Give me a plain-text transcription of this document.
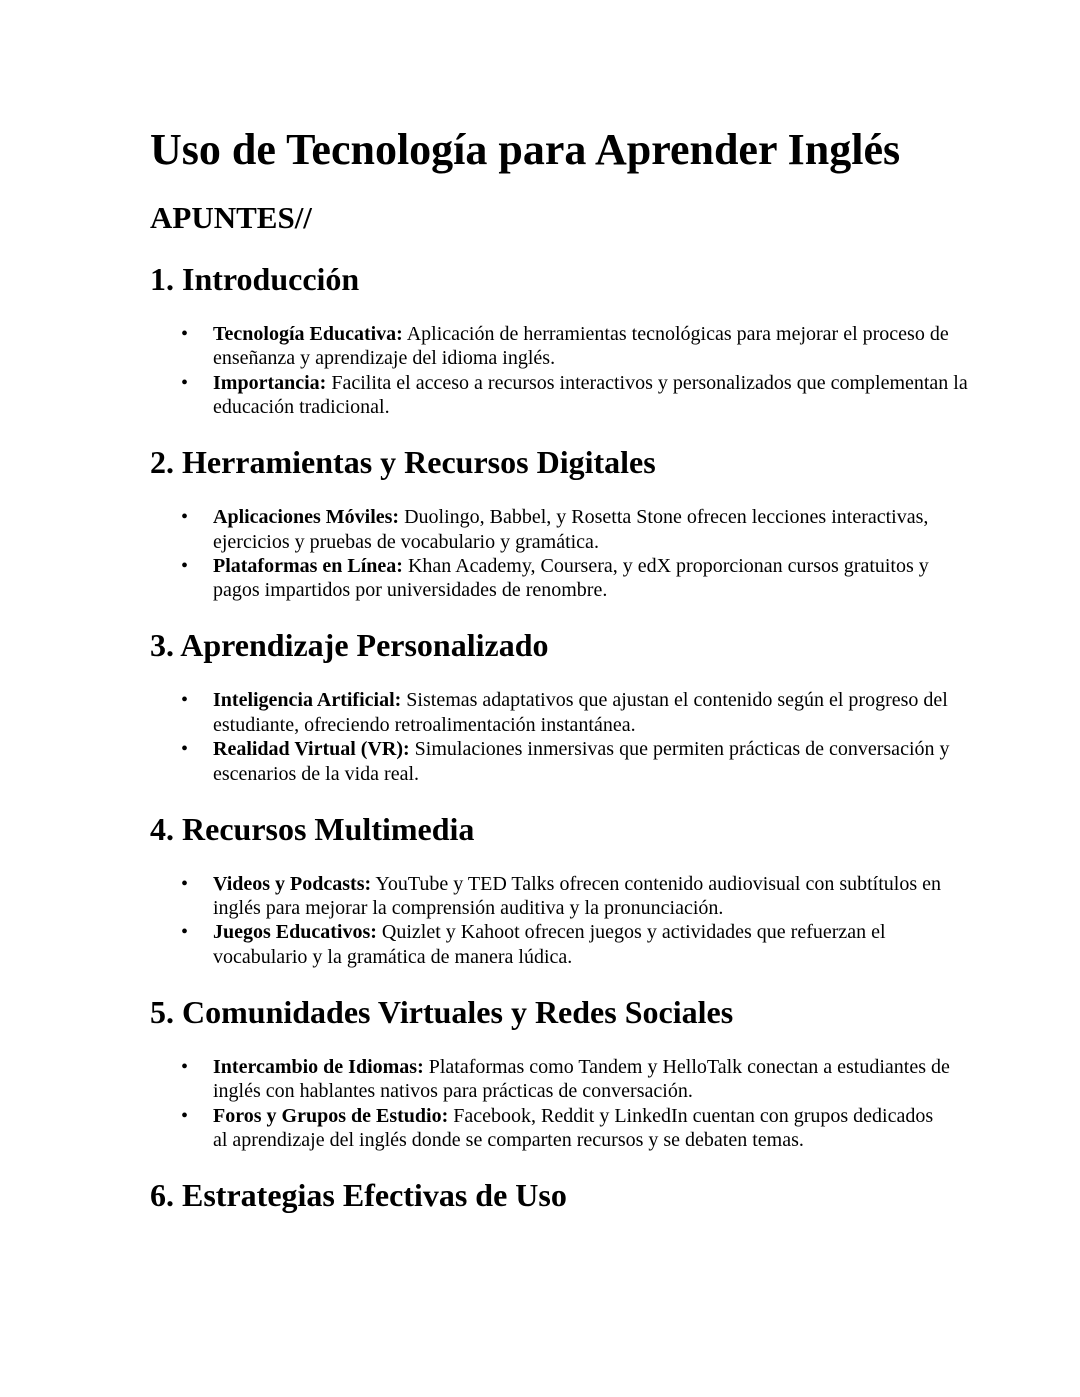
Uso de Tecnología para Aprender Inglés
APUNTES//
1. Introducción
• Tecnología Educativa: Aplicación de herramientas tecnológicas para mejorar el proceso de enseñanza y aprendizaje del idioma inglés.
• Importancia: Facilita el acceso a recursos interactivos y personalizados que complementan la educación tradicional.
2. Herramientas y Recursos Digitales
• Aplicaciones Móviles: Duolingo, Babbel, y Rosetta Stone ofrecen lecciones interactivas, ejercicios y pruebas de vocabulario y gramática.
• Plataformas en Línea: Khan Academy, Coursera, y edX proporcionan cursos gratuitos y pagos impartidos por universidades de renombre.
3. Aprendizaje Personalizado
• Inteligencia Artificial: Sistemas adaptativos que ajustan el contenido según el progreso del estudiante, ofreciendo retroalimentación instantánea.
• Realidad Virtual (VR): Simulaciones inmersivas que permiten prácticas de conversación y escenarios de la vida real.
4. Recursos Multimedia
• Videos y Podcasts: YouTube y TED Talks ofrecen contenido audiovisual con subtítulos en inglés para mejorar la comprensión auditiva y la pronunciación.
• Juegos Educativos: Quizlet y Kahoot ofrecen juegos y actividades que refuerzan el vocabulario y la gramática de manera lúdica.
5. Comunidades Virtuales y Redes Sociales
• Intercambio de Idiomas: Plataformas como Tandem y HelloTalk conectan a estudiantes de inglés con hablantes nativos para prácticas de conversación.
• Foros y Grupos de Estudio: Facebook, Reddit y LinkedIn cuentan con grupos dedicados al aprendizaje del inglés donde se comparten recursos y se debaten temas.
6. Estrategias Efectivas de Uso
